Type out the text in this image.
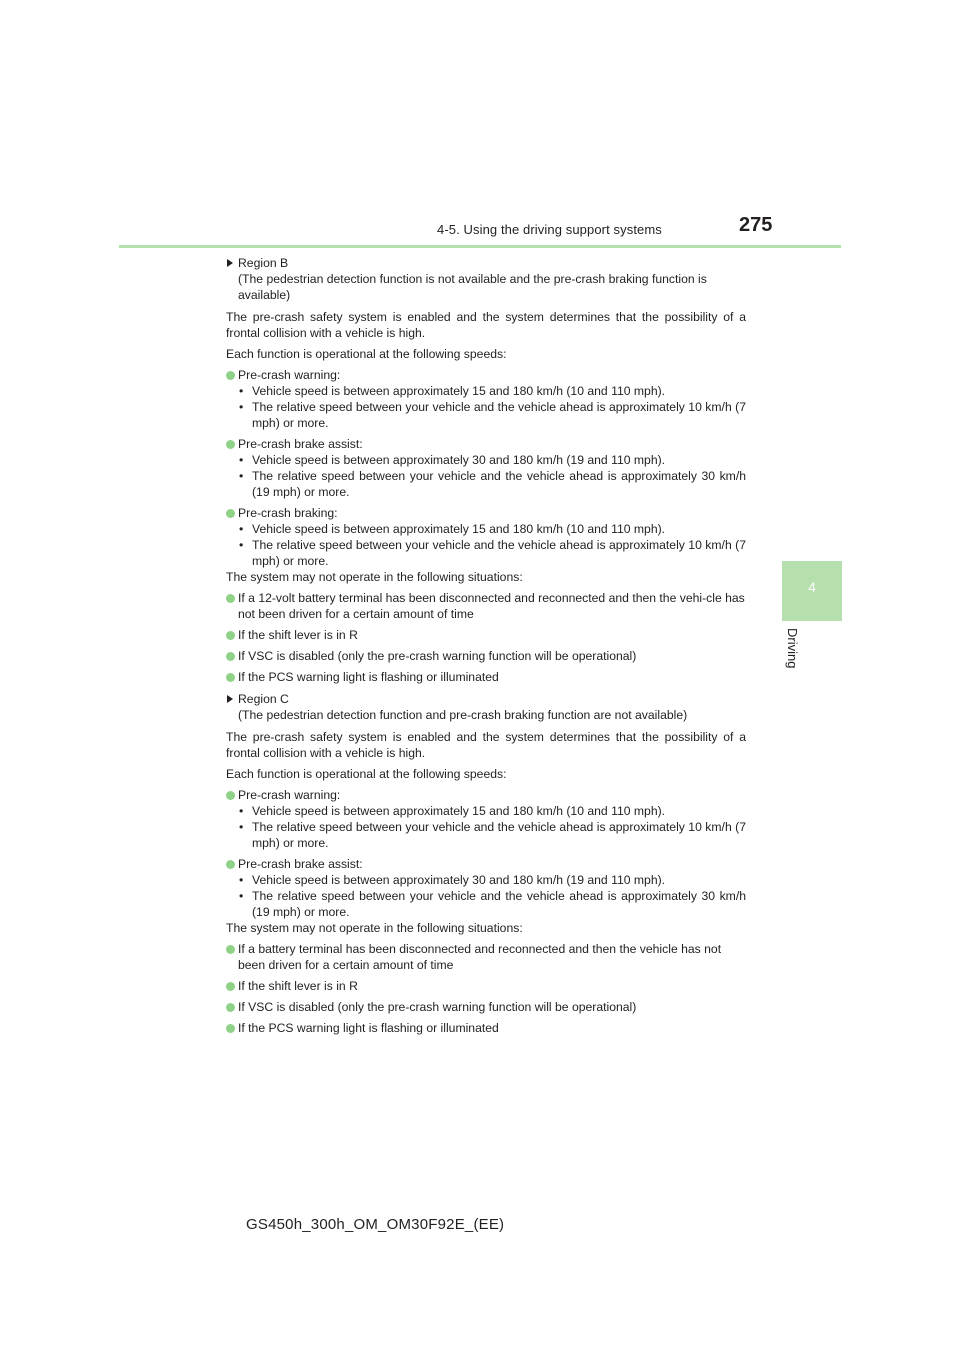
4-5. Using the driving support systems	275
4
Driving

Region B
(The pedestrian detection function is not available and the pre-crash braking function is available)

The pre-crash safety system is enabled and the system determines that the possibility of a frontal collision with a vehicle is high.

Each function is operational at the following speeds:

Pre-crash warning:

• Vehicle speed is between approximately 15 and 180 km/h (10 and 110 mph).

• The relative speed between your vehicle and the vehicle ahead is approximately 10 km/h (7 mph) or more.

Pre-crash brake assist:

• Vehicle speed is between approximately 30 and 180 km/h (19 and 110 mph).

• The relative speed between your vehicle and the vehicle ahead is approximately 30 km/h (19 mph) or more.

Pre-crash braking:

• Vehicle speed is between approximately 15 and 180 km/h (10 and 110 mph).

• The relative speed between your vehicle and the vehicle ahead is approximately 10 km/h (7 mph) or more.

The system may not operate in the following situations:

If a 12-volt battery terminal has been disconnected and reconnected and then the vehi-cle has not been driven for a certain amount of time

If the shift lever is in R

If VSC is disabled (only the pre-crash warning function will be operational)

If the PCS warning light is flashing or illuminated

Region C
(The pedestrian detection function and pre-crash braking function are not available)

The pre-crash safety system is enabled and the system determines that the possibility of a frontal collision with a vehicle is high.

Each function is operational at the following speeds:

Pre-crash warning:

• Vehicle speed is between approximately 15 and 180 km/h (10 and 110 mph).

• The relative speed between your vehicle and the vehicle ahead is approximately 10 km/h (7 mph) or more.

Pre-crash brake assist:

• Vehicle speed is between approximately 30 and 180 km/h (19 and 110 mph).

• The relative speed between your vehicle and the vehicle ahead is approximately 30 km/h (19 mph) or more.

The system may not operate in the following situations:

If a battery terminal has been disconnected and reconnected and then the vehicle has not been driven for a certain amount of time

If the shift lever is in R

If VSC is disabled (only the pre-crash warning function will be operational)

If the PCS warning light is flashing or illuminated

GS450h_300h_OM_OM30F92E_(EE)
